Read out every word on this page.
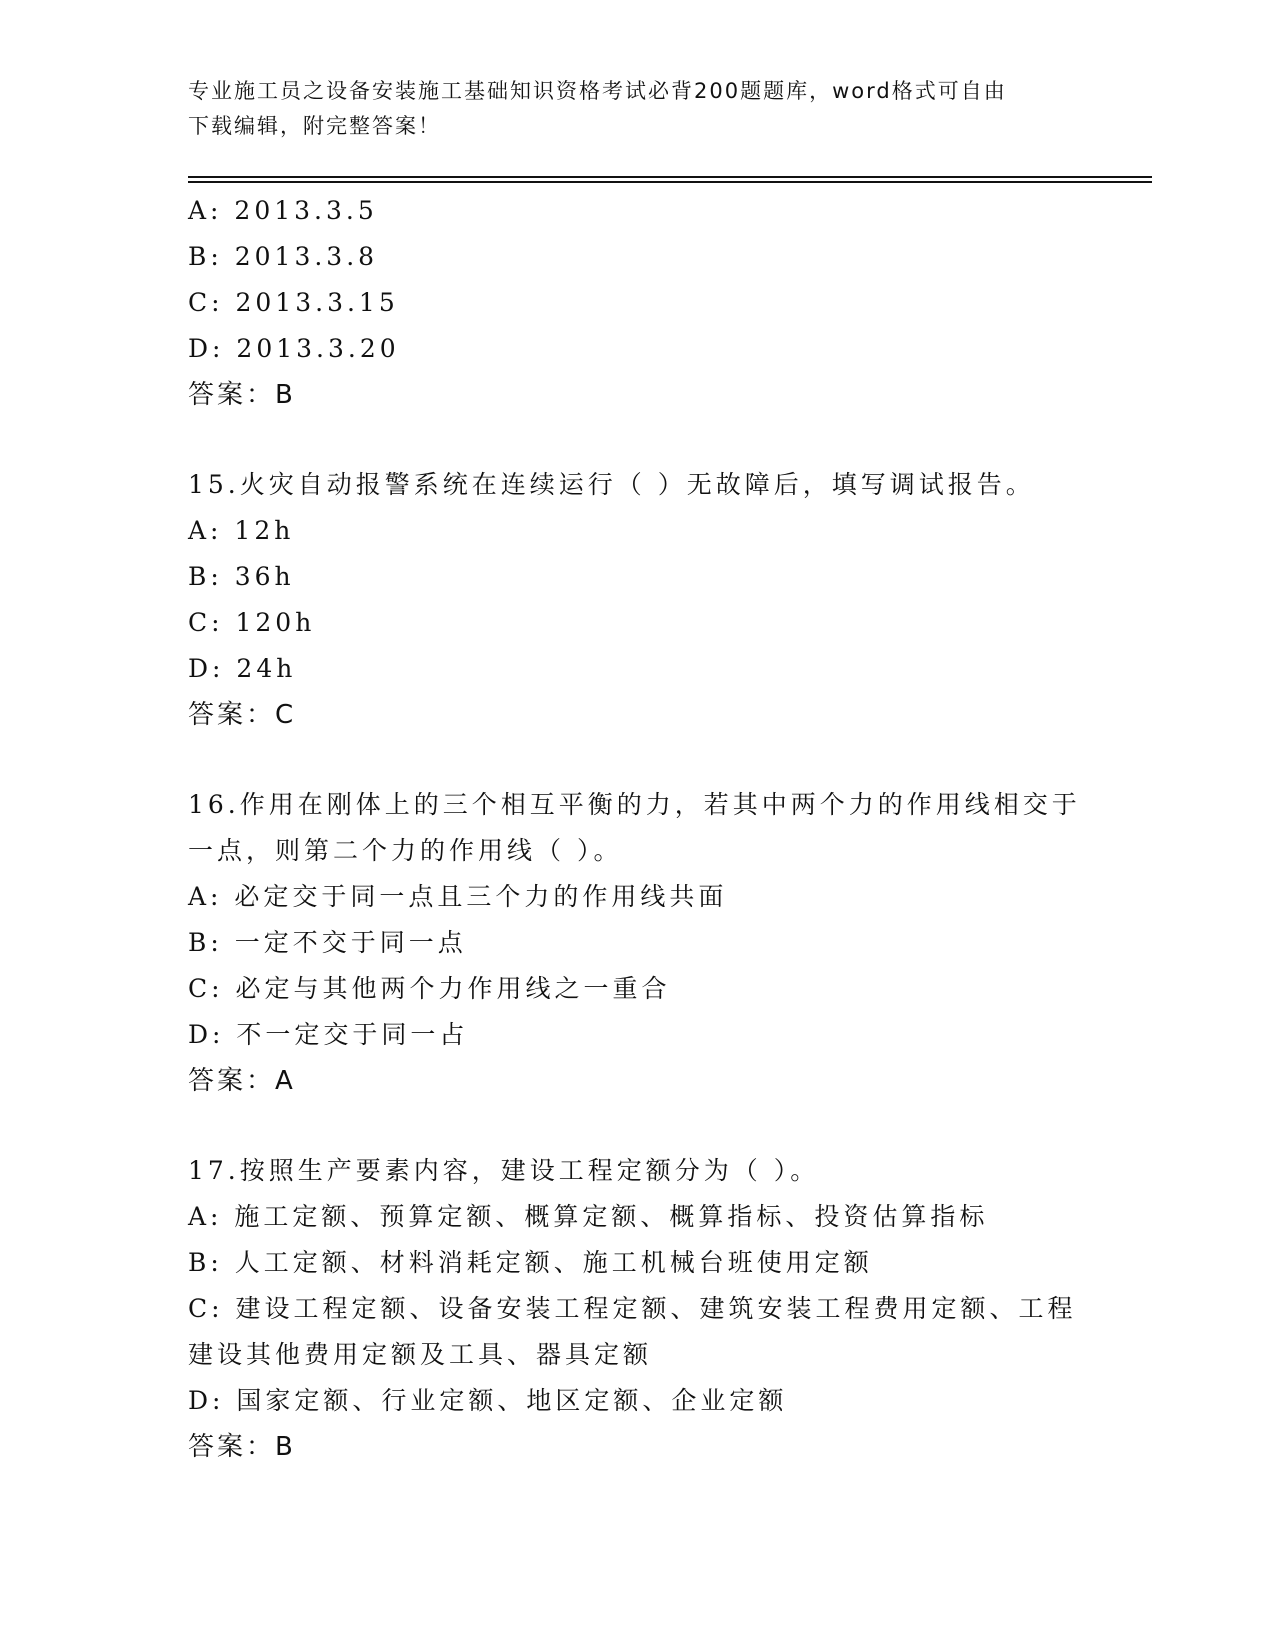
专业施工员之设备安装施工基础知识资格考试必背200题题库，word格式可自由
下载编辑，附完整答案！
A: 2013.3.5
B: 2013.3.8
C: 2013.3.15
D: 2013.3.20
答案：B
15.火灾自动报警系统在连续运行（ ）无故障后，填写调试报告。
A: 12h
B: 36h
C: 120h
D: 24h
答案：C
16.作用在刚体上的三个相互平衡的力，若其中两个力的作用线相交于
一点，则第二个力的作用线（ ）。
A: 必定交于同一点且三个力的作用线共面
B: 一定不交于同一点
C: 必定与其他两个力作用线之一重合
D: 不一定交于同一占
答案：A
17.按照生产要素内容，建设工程定额分为（ ）。
A: 施工定额、预算定额、概算定额、概算指标、投资估算指标
B: 人工定额、材料消耗定额、施工机械台班使用定额
C: 建设工程定额、设备安装工程定额、建筑安装工程费用定额、工程
建设其他费用定额及工具、器具定额
D: 国家定额、行业定额、地区定额、企业定额
答案：B
